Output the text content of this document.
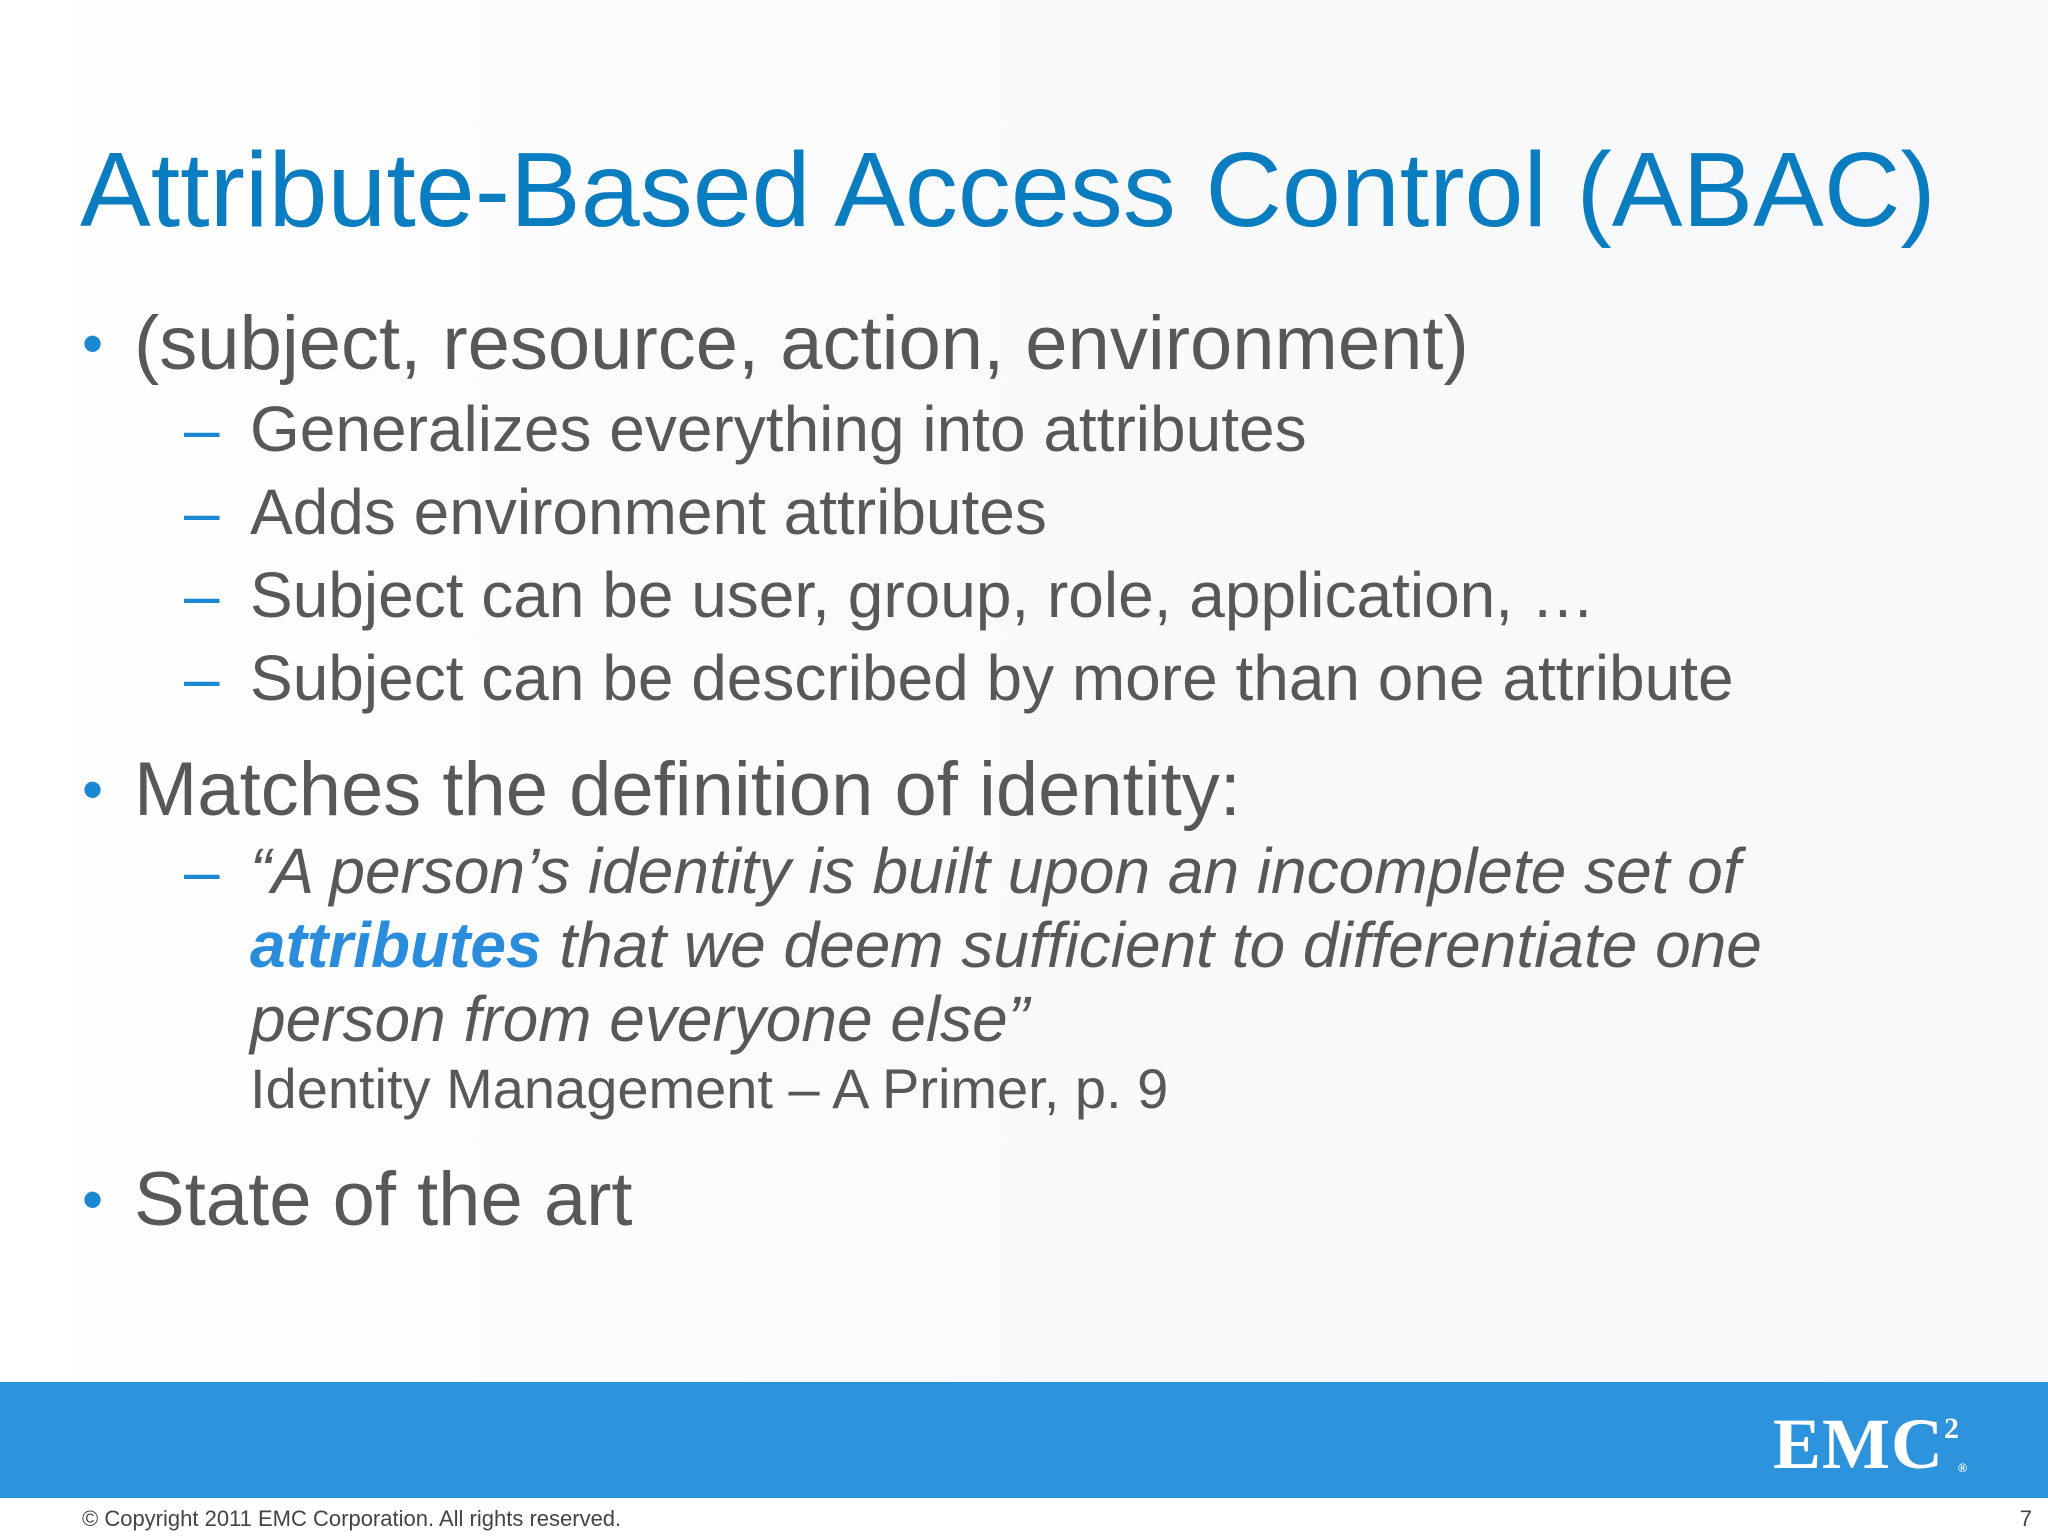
Attribute-Based Access Control (ABAC)
• (subject, resource, action, environment)
– Generalizes everything into attributes
– Adds environment attributes
– Subject can be user, group, role, application, …
– Subject can be described by more than one attribute
• Matches the definition of identity:
– “A person’s identity is built upon an incomplete set of
attributes that we deem sufficient to differentiate one
person from everyone else”
Identity Management – A Primer, p. 9
• State of the art
EMC$^2$
®
© Copyright 2011 EMC Corporation. All rights reserved.	7
